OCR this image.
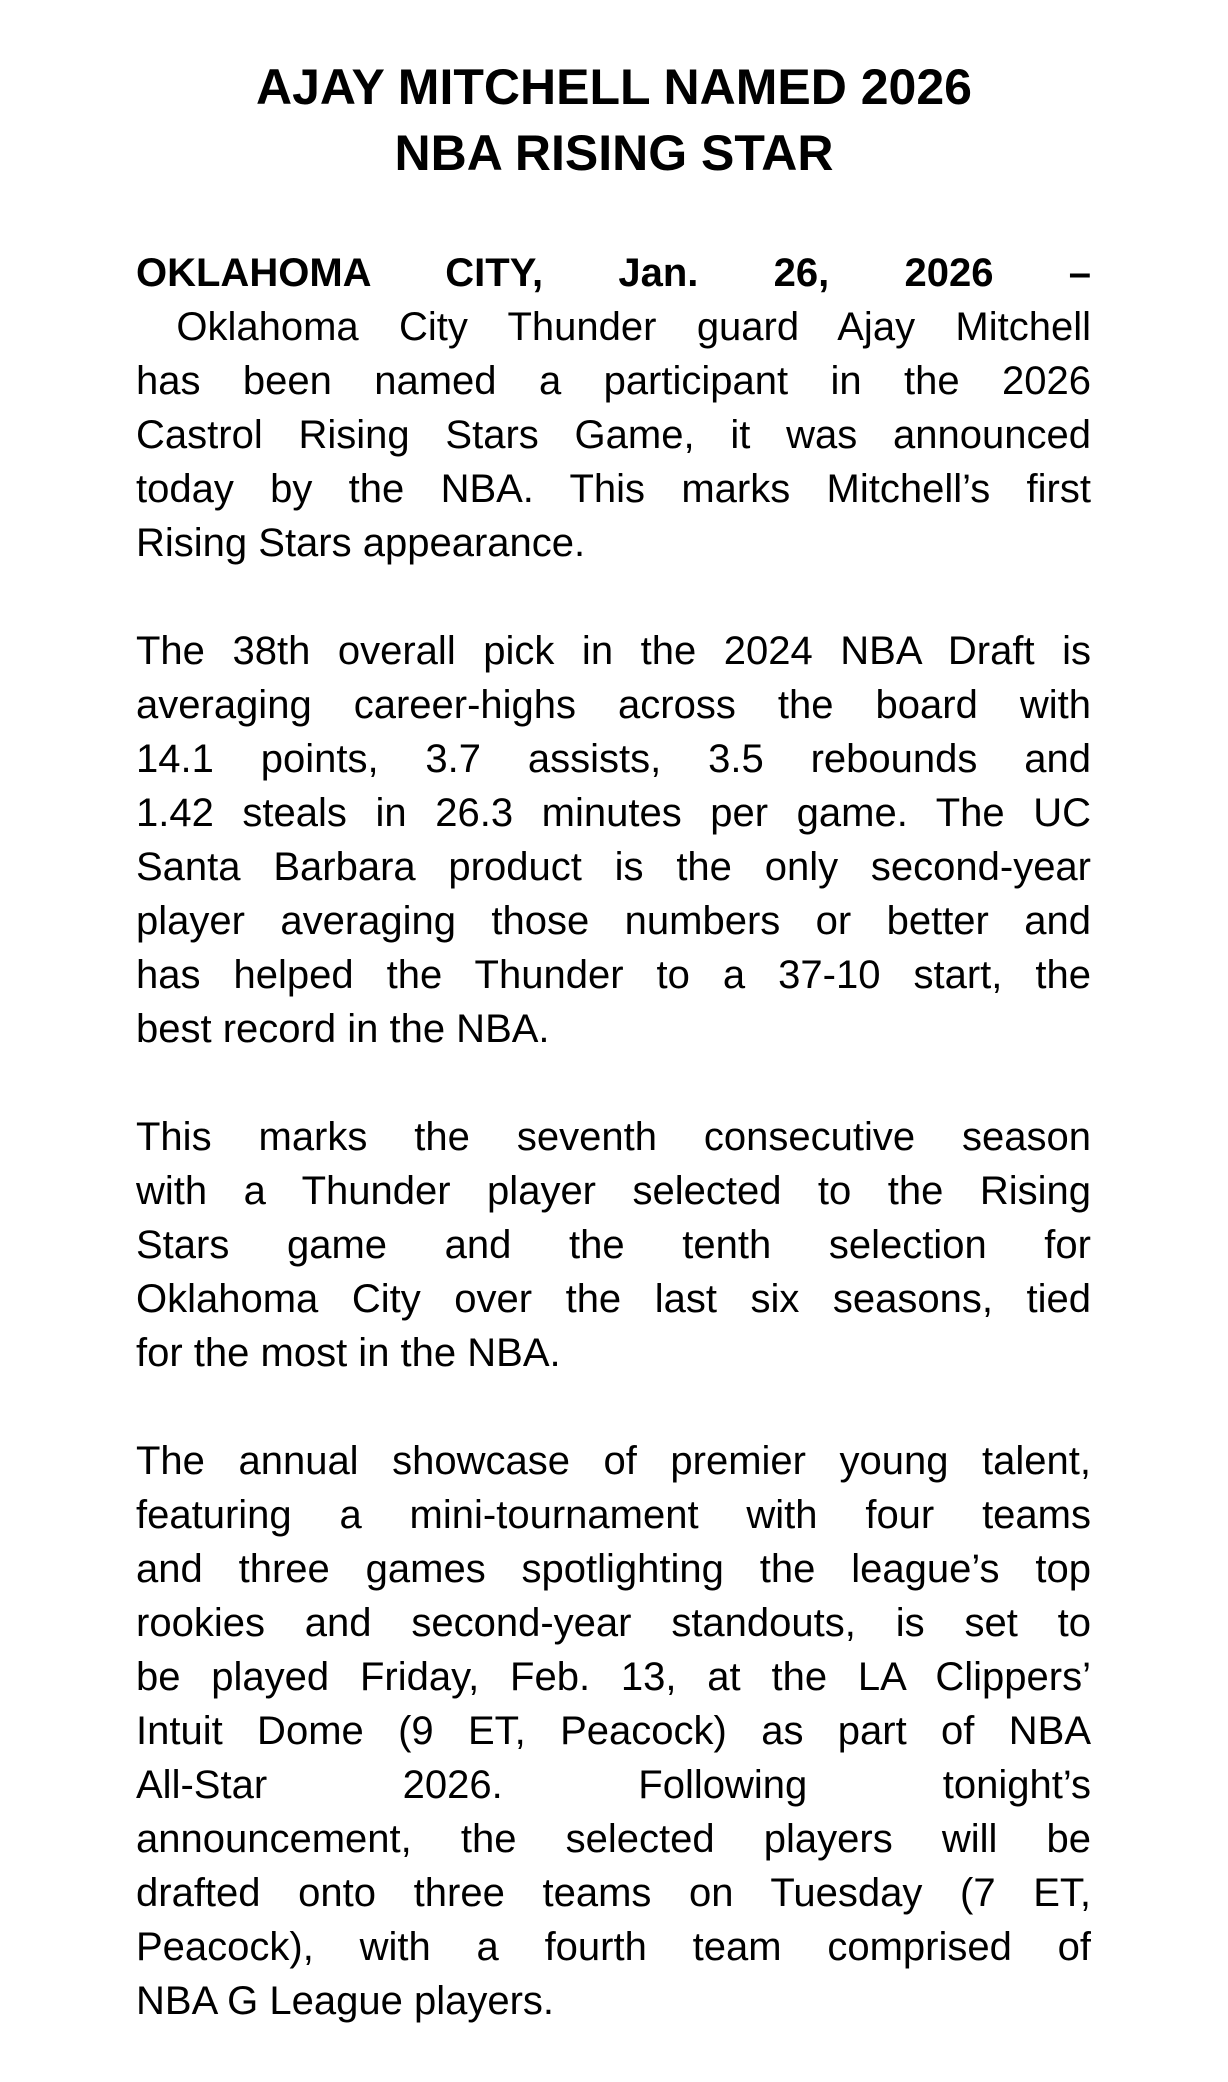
AJAY MITCHELL NAMED 2026
NBA RISING STAR
OKLAHOMA CITY, Jan. 26, 2026 –
Oklahoma City Thunder guard Ajay Mitchell
has been named a participant in the 2026
Castrol Rising Stars Game, it was announced
today by the NBA. This marks Mitchell’s first
Rising Stars appearance.
The 38th overall pick in the 2024 NBA Draft is
averaging career-highs across the board with
14.1 points, 3.7 assists, 3.5 rebounds and
1.42 steals in 26.3 minutes per game. The UC
Santa Barbara product is the only second-year
player averaging those numbers or better and
has helped the Thunder to a 37-10 start, the
best record in the NBA.
This marks the seventh consecutive season
with a Thunder player selected to the Rising
Stars game and the tenth selection for
Oklahoma City over the last six seasons, tied
for the most in the NBA.
The annual showcase of premier young talent,
featuring a mini-tournament with four teams
and three games spotlighting the league’s top
rookies and second-year standouts, is set to
be played Friday, Feb. 13, at the LA Clippers’
Intuit Dome (9 ET, Peacock) as part of NBA
All-Star 2026. Following tonight’s
announcement, the selected players will be
drafted onto three teams on Tuesday (7 ET,
Peacock), with a fourth team comprised of
NBA G League players.
